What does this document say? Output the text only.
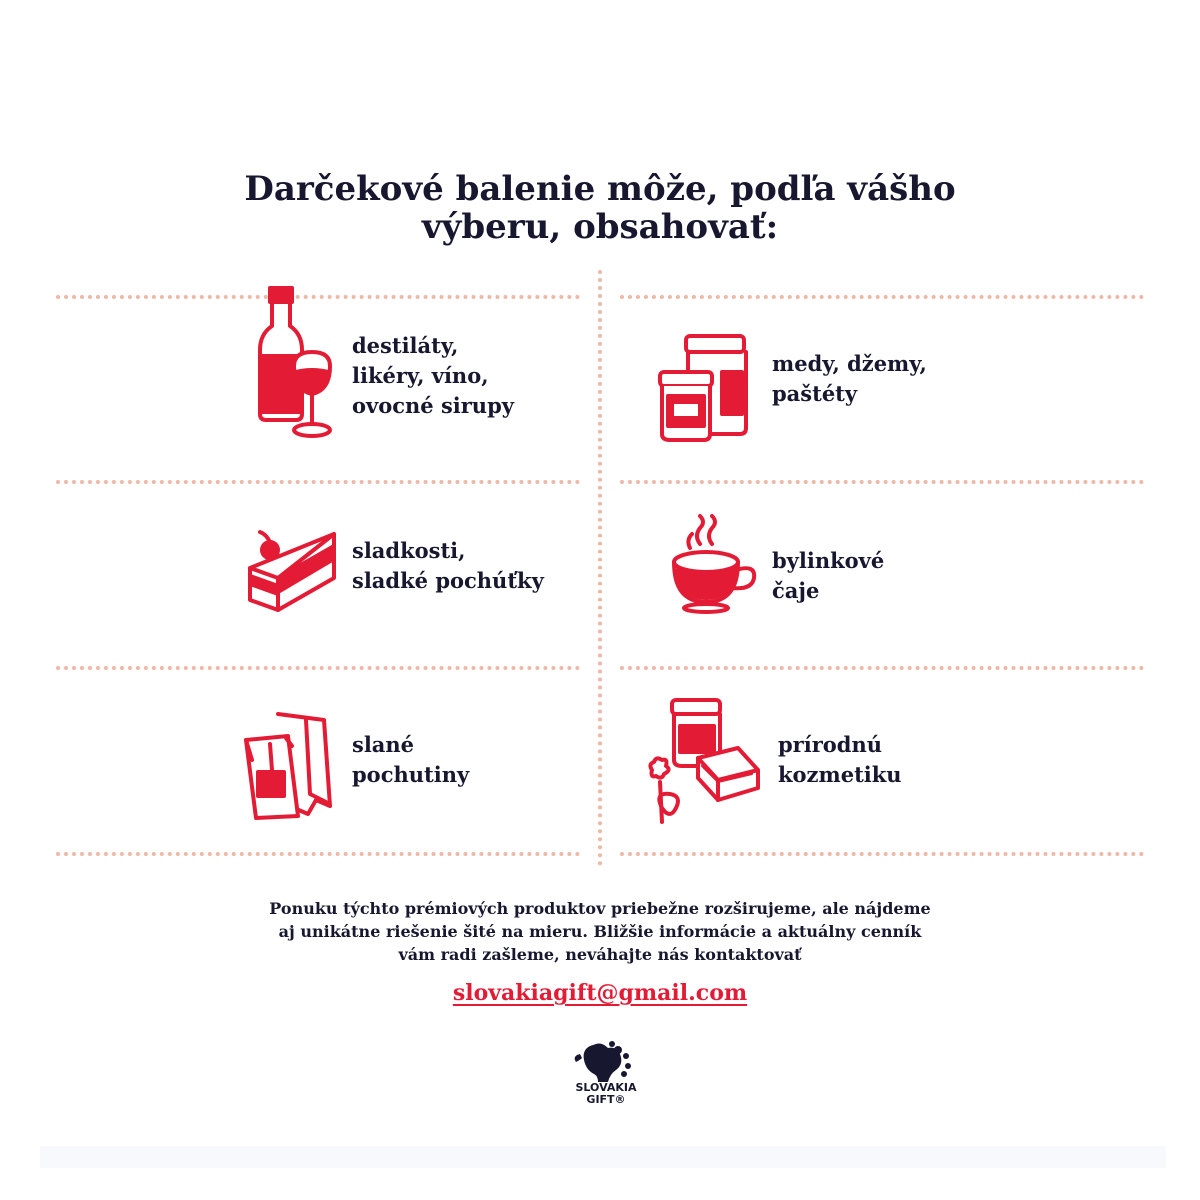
Darčekové balenie môže, podľa vášho
výberu, obsahovať:
destiláty,
likéry, víno,
ovocné sirupy
medy, džemy,
paštéty
sladkosti,
sladké pochúťky
bylinkové
čaje
slané
pochutiny
prírodnú
kozmetiku
Ponuku týchto prémiových produktov priebežne rozširujeme, ale nájdeme
aj unikátne riešenie šité na mieru. Bližšie informácie a aktuálny cenník
vám radi zašleme, neváhajte nás kontaktovať
slovakiagift@gmail.com
SLOVAKIA
GIFT®
